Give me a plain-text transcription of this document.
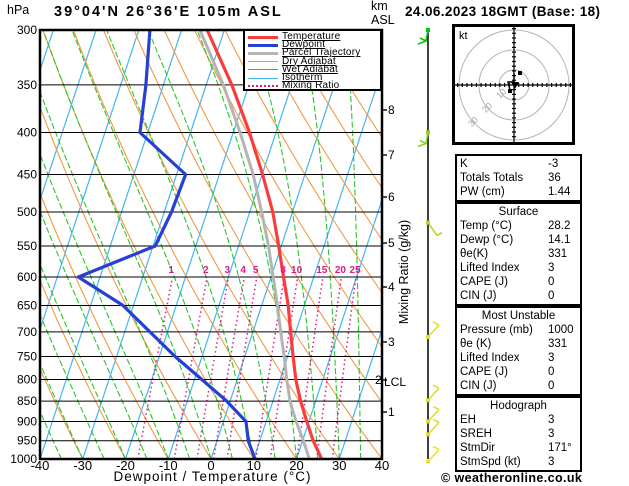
hPa 39°04'N 26°36'E 105m ASL	km
ASL
24.06.2023 18GMT (Base: 18)
1	2 3 4 5 8 10 15 20 25
300
350
400
450
500
550
600
650
700
750
800
850
900
950
1000
-40 -30 -20 -10 0 10 20 30 40
1
2
3
4
5
6
7
8
LCL
Mixing Ratio (g/kg)
Temperature
Dewpoint
Parcel Trajectory
Dry Adiabat
Wet Adiabat
Isotherm
Mixing Ratio
10
20
30
kt
K	-3
Totals Totals	36
PW (cm)	1.44
Surface
Temp (°C)	28.2
Dewp (°C)	14.1
θe(K)	331
Lifted Index	3
CAPE (J)	0
CIN (J)	0
Most Unstable
Pressure (mb)	1000
θe (K)	331
Lifted Index	3
CAPE (J)	0
CIN (J)	0
Hodograph
EH	3
SREH	3
StmDir	171°
StmSpd (kt)	3
Dewpoint / Temperature (°C)	© weatheronline.co.uk
